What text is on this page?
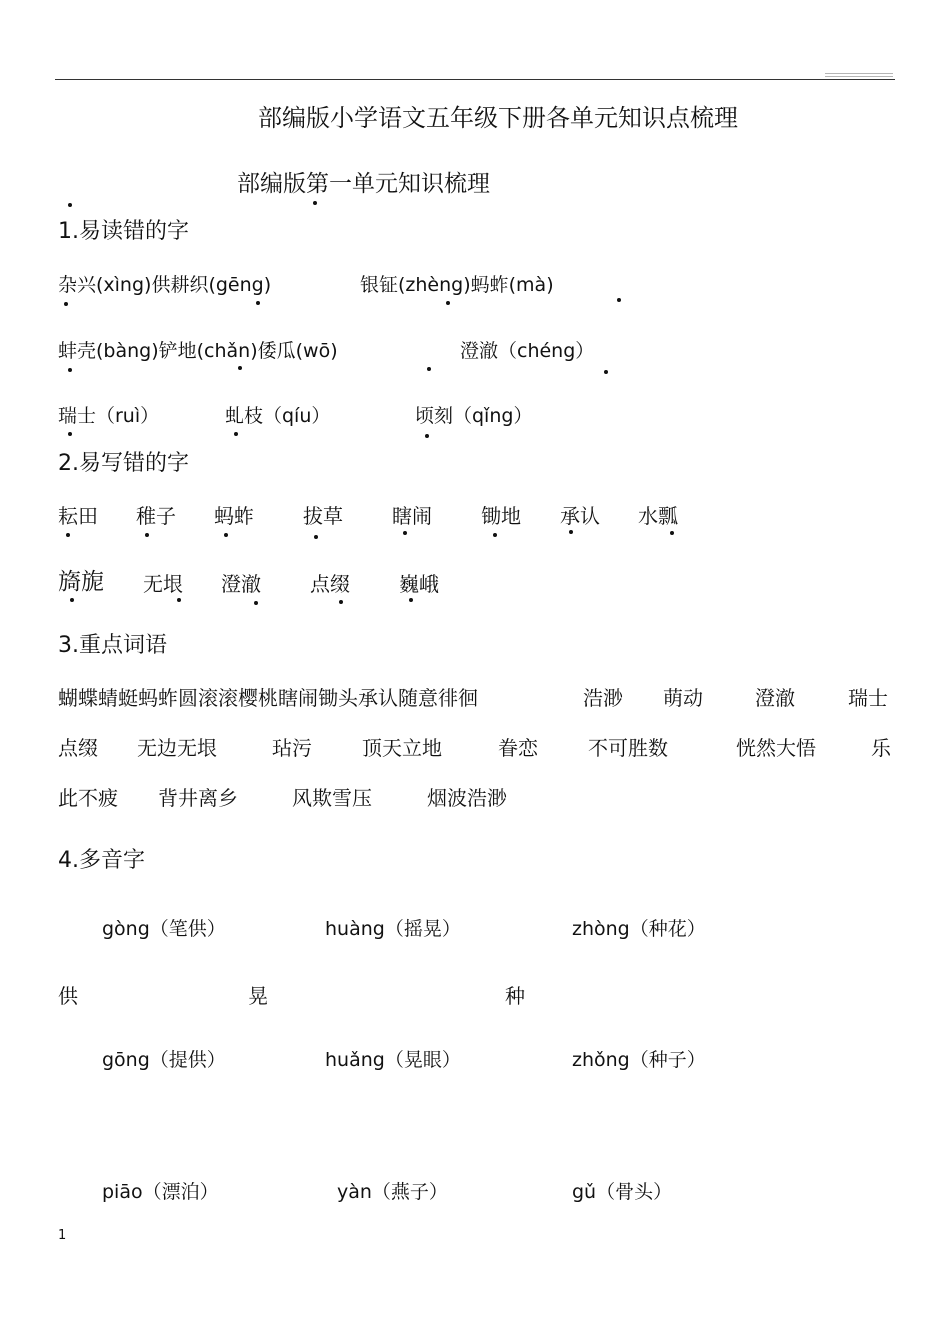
部编版小学语文五年级下册各单元知识点梳理
部编版第一单元知识梳理
1.易读错的字
杂兴(xìng)供耕织(gēng)	银钲(zhèng)蚂蚱(mà)
蚌壳(bàng)铲地(chǎn)倭瓜(wō)	澄澈（chéng）
瑞士（ruì）	虬枝（qíu）	顷刻（qǐng）
2.易写错的字
耘田 稚子 蚂蚱 拔草 瞎闹 锄地 承认 水瓢
旖旎 无垠 澄澈 点缀 巍峨
3.重点词语
蝴蝶蜻蜓蚂蚱圆滚滚樱桃瞎闹锄头承认随意徘徊	浩渺 萌动	澄澈	瑞士
点缀 无边无垠	玷污	顶天立地	眷恋	不可胜数	恍然大悟	乐
此不疲 背井离乡	风欺雪压	烟波浩渺
4.多音字
gòng（笔供）	huàng（摇晃）	zhòng（种花）
供	晃	种
gōng（提供）	huǎng（晃眼）	zhǒng（种子）
piāo（漂泊）	yàn（燕子）	gǔ（骨头）
1
